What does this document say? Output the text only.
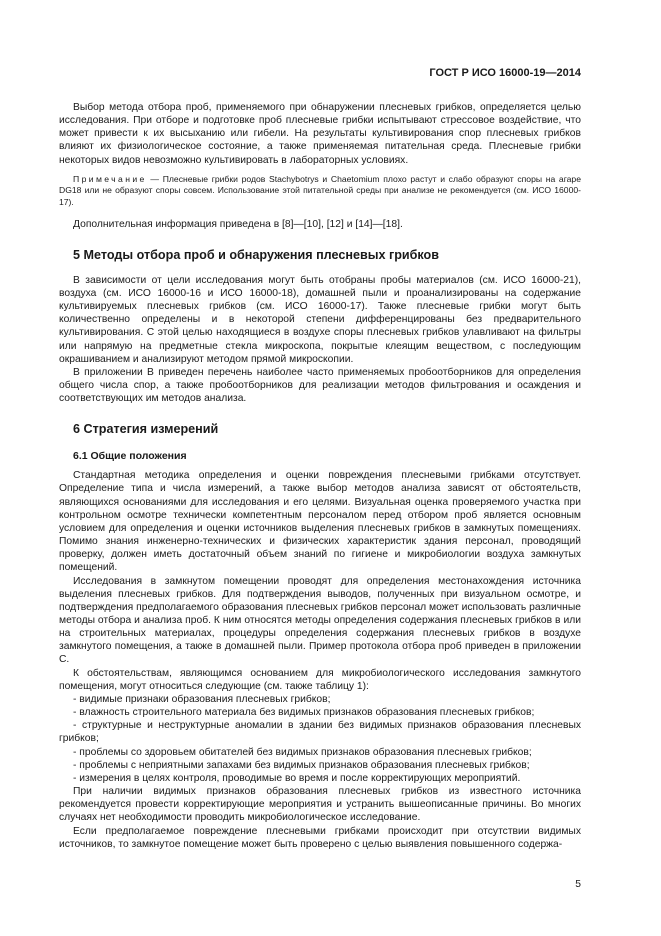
ГОСТ Р ИСО 16000-19—2014

Выбор метода отбора проб, применяемого при обнаружении плесневых грибков, определяется целью исследования. При отборе и подготовке проб плесневые грибки испытывают стрессовое воздействие, что может привести к их высыханию или гибели. На результаты культивирования спор плесневых грибков влияют их физиологическое состояние, а также применяемая питательная среда. Плесневые грибки некоторых видов невозможно культивировать в лабораторных условиях.

Примечание — Плесневые грибки родов Stachybotrys и Chaetomium плохо растут и слабо образуют споры на агаре DG18 или не образуют споры совсем. Использование этой питательной среды при анализе не рекомендуется (см. ИСО 16000-17).

Дополнительная информация приведена в [8]—[10], [12] и [14]—[18].

5 Методы отбора проб и обнаружения плесневых грибков

В зависимости от цели исследования могут быть отобраны пробы материалов (см. ИСО 16000-21), воздуха (см. ИСО 16000-16 и ИСО 16000-18), домашней пыли и проанализированы на содержание культивируемых плесневых грибков (см. ИСО 16000-17). Также плесневые грибки могут быть количественно определены и в некоторой степени дифференцированы без предварительного культивирования. С этой целью находящиеся в воздухе споры плесневых грибков улавливают на фильтры или напрямую на предметные стекла микроскопа, покрытые клеящим веществом, с последующим окрашиванием и анализируют методом прямой микроскопии.

В приложении В приведен перечень наиболее часто применяемых пробоотборников для определения общего числа спор, а также пробоотборников для реализации методов фильтрования и осаждения и соответствующих им методов анализа.

6 Стратегия измерений
6.1 Общие положения

Стандартная методика определения и оценки повреждения плесневыми грибками отсутствует. Определение типа и числа измерений, а также выбор методов анализа зависят от обстоятельств, являющихся основаниями для исследования и его целями. Визуальная оценка проверяемого участка при контрольном осмотре технически компетентным персоналом перед отбором проб является основным условием для определения и оценки источников выделения плесневых грибков в замкнутых помещениях. Помимо знания инженерно-технических и физических характеристик здания персонал, проводящий проверку, должен иметь достаточный объем знаний по гигиене и микробиологии воздуха замкнутых помещений.

Исследования в замкнутом помещении проводят для определения местонахождения источника выделения плесневых грибков. Для подтверждения выводов, полученных при визуальном осмотре, и подтверждения предполагаемого образования плесневых грибков персонал может использовать различные методы отбора и анализа проб. К ним относятся методы определения содержания плесневых грибков в или на строительных материалах, процедуры определения содержания плесневых грибков в воздухе замкнутого помещения, а также в домашней пыли. Пример протокола отбора проб приведен в приложении С.

К обстоятельствам, являющимся основанием для микробиологического исследования замкнутого помещения, могут относиться следующие (см. также таблицу 1):

- видимые признаки образования плесневых грибков;
- влажность строительного материала без видимых признаков образования плесневых грибков;
- структурные и неструктурные аномалии в здании без видимых признаков образования плесневых грибков;
- проблемы со здоровьем обитателей без видимых признаков образования плесневых грибков;
- проблемы с неприятными запахами без видимых признаков образования плесневых грибков;
- измерения в целях контроля, проводимые во время и после корректирующих мероприятий.

При наличии видимых признаков образования плесневых грибков из известного источника рекомендуется провести корректирующие мероприятия и устранить вышеописанные причины. Во многих случаях нет необходимости проводить микробиологическое исследование.

Если предполагаемое повреждение плесневыми грибками происходит при отсутствии видимых источников, то замкнутое помещение может быть проверено с целью выявления повышенного содержа-

5
